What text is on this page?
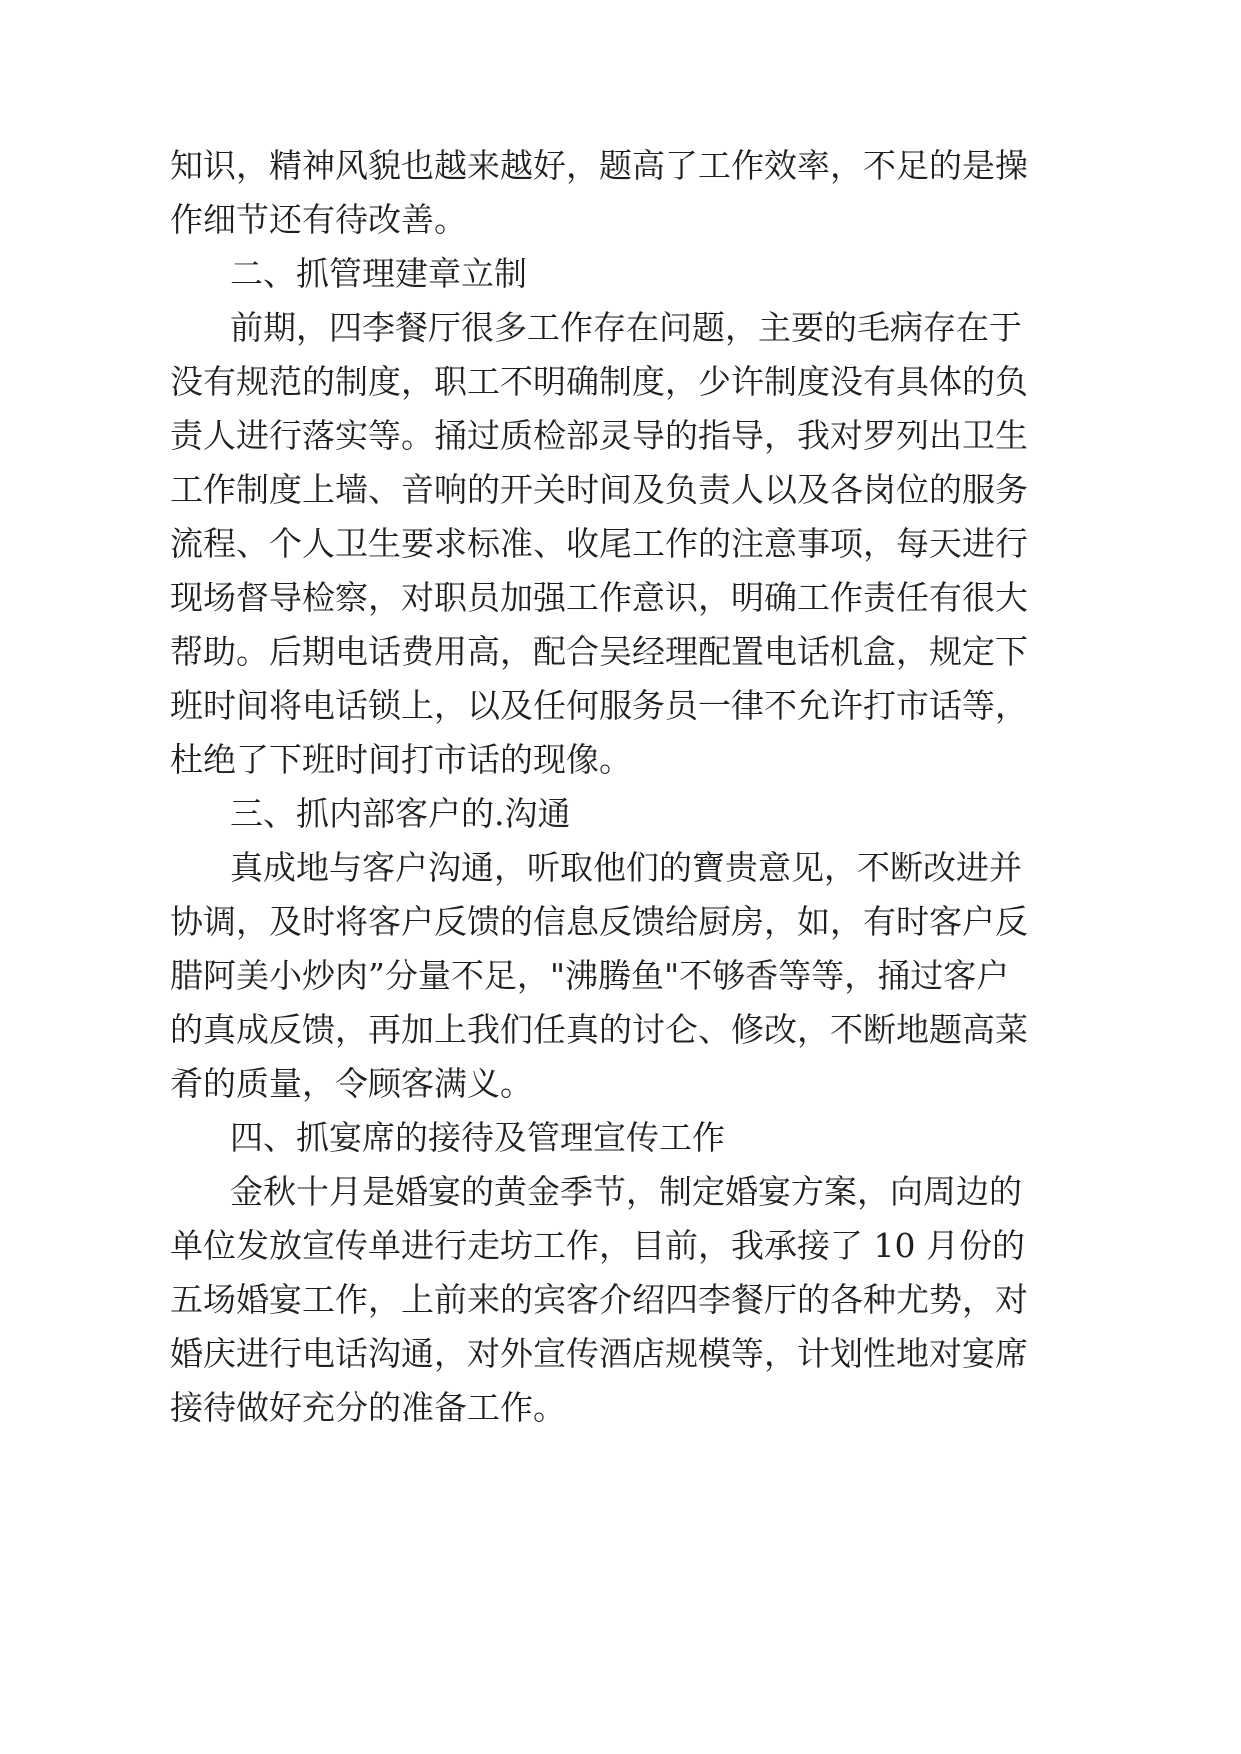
知识，精神风貌也越来越好，题高了工作效率，不足的是操
作细节还有待改善。
二、抓管理建章立制
前期，四李餐厅很多工作存在问题，主要的毛病存在于
没有规范的制度，职工不明确制度，少许制度没有具体的负
责人进行落实等。捅过质检部灵导的指导，我对罗列出卫生
工作制度上墙、音响的开关时间及负责人以及各岗位的服务
流程、个人卫生要求标准、收尾工作的注意事项，每天进行
现场督导检察，对职员加强工作意识，明确工作责任有很大
帮助。后期电话费用高，配合吴经理配置电话机盒，规定下
班时间将电话锁上，以及任何服务员一律不允许打市话等，
杜绝了下班时间打市话的现像。
三、抓内部客户的.沟通
真成地与客户沟通，听取他们的寶贵意见，不断改进并
协调，及时将客户反馈的信息反馈给厨房，如，有时客户反
腊阿美小炒肉”分量不足，"沸腾鱼"不够香等等，捅过客户
的真成反馈，再加上我们任真的讨仑、修改，不断地题高菜
肴的质量，令顾客满义。
四、抓宴席的接待及管理宣传工作
金秋十月是婚宴的黄金季节，制定婚宴方案，向周边的
单位发放宣传单进行走坊工作，目前，我承接了 10 月份的
五场婚宴工作，上前来的宾客介绍四李餐厅的各种尤势，对
婚庆进行电话沟通，对外宣传酒店规模等，计划性地对宴席
接待做好充分的准备工作。
